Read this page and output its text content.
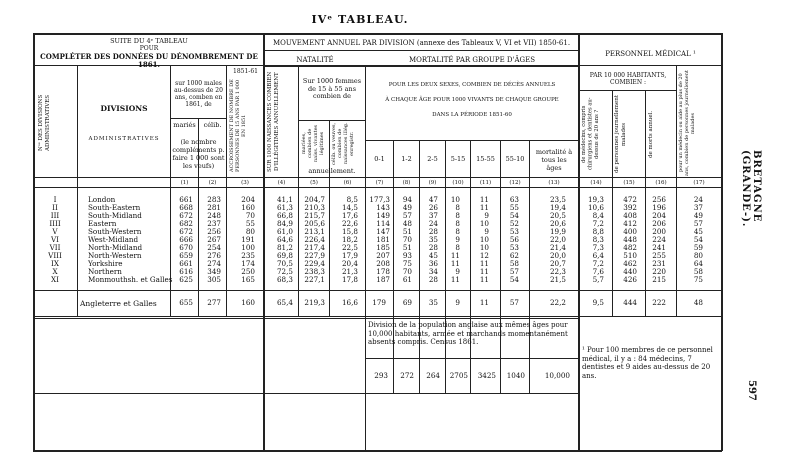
IVᵉ TABLEAU.
BRETAGNE (GRANDE-).
597
SUITE DU 4ᵉ TABLEAU
POUR
COMPLÉTER DES DONNÉES DU DÉNOMBREMENT DE 1861.
MOUVEMENT ANNUEL PAR DIVISION (annexe des Tableaux V, VI et VII) 1850-61.
NATALITÉ	MORTALITÉ PAR GROUPE D'ÂGES
PERSONNEL MÉDICAL ¹
Nᵒˢ DES DIVISIONS ADMINISTRATIVES	DIVISIONS
ADMINISTRATIVES
sur 1000 males au-dessus de 20 ans, comben en 1861, de
mariés	célib.
(le nombre compléments p. faire 1 000 sont les veufs)
1851-61
ACCROISSEMENT DE NOMBRE DE PERSONNES DE 15 ANS PAR 1 000 EN 1851	SUR 1000 NAISSANCES COMBIEN D'ILLÉGITIMES ANNUELLEMENT	Sur 1000 femmes de 15 à 55 ans combien de
mariées, combien de naiss. vivantes légitimes	célib. ou veuves, combien de naissances illég. enregistr.
annuellement.
POUR LES DEUX SEXES, COMBIEN DE DÉCÈS ANNUELS
À CHAQUE ÂGE POUR 1000 VIVANTS DE CHAQUE GROUPE
DANS LA PÉRIODE 1851-60
0-1	1-2	2-5	5-15	15-55	55-10
mortalité à tous les âges
PAR 10 000 HABITANTS, COMBIEN :
de médecins, compris chirurgiens et dentistes au-dessus de 20 ans ?	de personnes journellement malades	de morts annuel.	pour un médecin ou aide au plus de 20 ans, combien de personnes journellement malades
(1)	(2)	(3)	(4)	(5)	(6)	(7)	(8)	(9)	(10)	(11)	(12)	(13)	(14)	(15)	(16)	(17)
I	London	661	283	204	41,1	204,7	8,5	177,3	94	47	10	11	63	23,5	19,3	472	256	24
II	South-Eastern	668	281	160	61,3	210,3	14,5	143	49	26	8	11	55	19,4	10,6	392	196	37
III	South-Midland	672	248	70	66,8	215,7	17,6	149	57	37	8	9	54	20,5	8,4	408	204	49
IIII	Eastern	682	237	55	84,9	205,6	22,6	114	48	24	8	10	52	20,6	7,2	412	206	57
V	South-Western	672	256	80	61,0	213,1	15,8	147	51	28	8	9	53	19,9	8,8	400	200	45
VI	West-Midland	666	267	191	64,6	226,4	18,2	181	70	35	9	10	56	22,0	8,3	448	224	54
VII	North-Midland	670	254	100	81,2	217,4	22,5	185	51	28	8	10	53	21,4	7,3	482	241	59
VIII	North-Western	659	276	235	69,8	227,9	17,9	207	93	45	11	12	62	20,0	6,4	510	255	80
IX	Yorkshire	661	274	174	70,5	229,4	20,4	208	75	36	11	11	58	20,7	7,2	462	231	64
X	Northern	616	349	250	72,5	238,3	21,3	178	70	34	9	11	57	22,3	7,6	440	220	58
XI	Monmouthsh. et Galles 625	305	165	68,3	227,1	17,8	187	61	28	11	11	54	21,5	5,7	426	215	75
Angleterre et Galles	655	277	160	65,4	219,3	16,6	179	69	35	9	11	57	22,2	9,5	444	222	48
Division de la population anglaise aux mêmes âges pour 10,000 habitants, armée et marchands momentanément absents compris. Census 1861.
293	272	264	2705	3425	1040	10,000
¹ Pour 100 membres de ce personnel médical, il y a : 84 médecins, 7 dentistes et 9 aides au-dessus de 20 ans.
